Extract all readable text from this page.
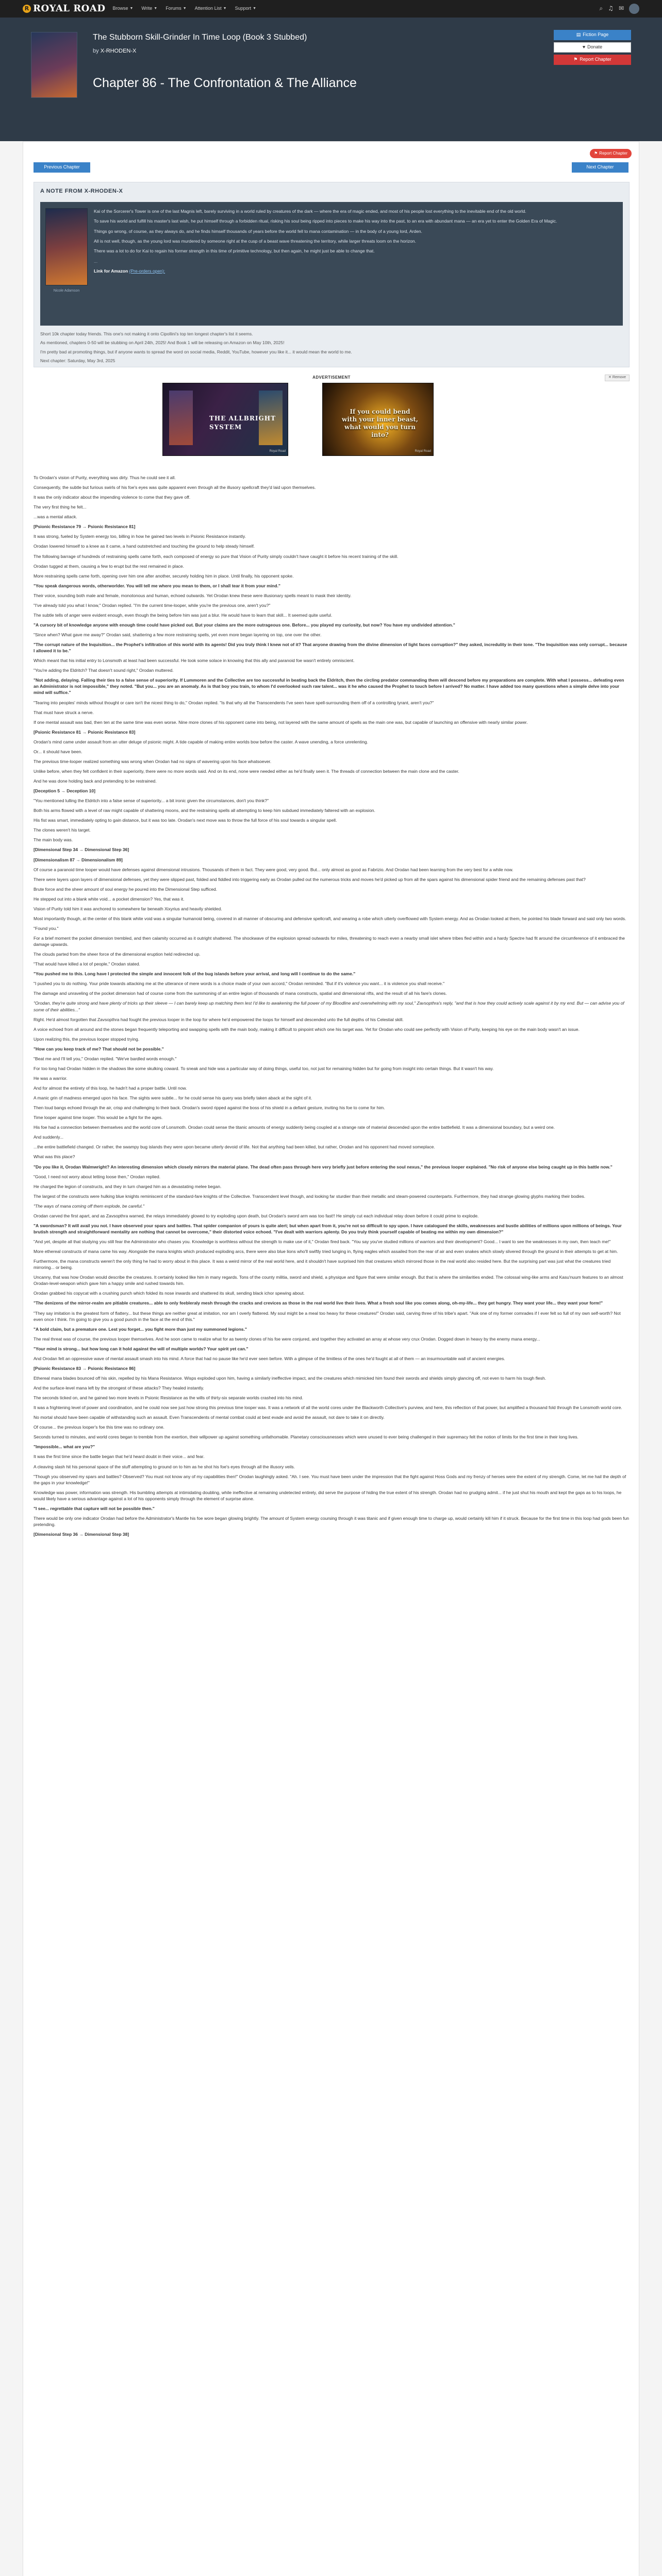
R ROYAL ROAD Browse ▼ Write ▼ Forums ▼ Attention List ▼ Support ▼	⌕ ♫ ✉
The Stubborn Skill-Grinder In Time Loop (Book 3 Stubbed)
by X-RHODEN-X
Chapter 86 - The Confrontation & The Alliance
▤ Fiction Page
♥ Donate
⚑ Report Chapter
⚑ Report Chapter
Previous Chapter	Next Chapter
A NOTE FROM X-RHODEN-X
Nicole Adamson

Kai of the Sorcerer's Tower is one of the last Magnis left, barely surviving in a world ruled by creatures of the dark — where the era of magic ended, and most of his people lost everything to the inevitable end of the old world.

To save his world and fulfill his master's last wish, he put himself through a forbidden ritual, risking his soul being ripped into pieces to make his way into the past, to an era with abundant mana — an era yet to enter the Golden Era of Magic.

Things go wrong, of course, as they always do, and he finds himself thousands of years before the world fell to mana contamination — in the body of a young lord, Arden.

All is not well, though, as the young lord was murdered by someone right at the cusp of a beast wave threatening the territory, while larger threats loom on the horizon.

There was a lot to do for Kai to regain his former strength in this time of primitive technology, but then again, he might just be able to change that.

...

Link for Amazon (Pre-orders open):

Short 10k chapter today friends. This one's not making it onto Cipollini's top ten longest chapter's list it seems.

As mentioned, chapters 0-50 will be stubbing on April 24th, 2025! And Book 1 will be releasing on Amazon on May 10th, 2025!

I'm pretty bad at promoting things, but if anyone wants to spread the word on social media, Reddit, YouTube, however you like it... it would mean the world to me.

Next chapter: Saturday, May 3rd, 2025

ADVERTISEMENT	✕ Remove
THE ALLBRIGHT SYSTEM
Royal Road
If you could bend with your inner beast, what would you turn into?
Royal Road

To Orodan's vision of Purity, everything was dirty. Thus he could see it all.

Consequently, the subtle but furious swirls of his foe's eyes was quite apparent even through all the illusory spellcraft they'd laid upon themselves.

It was the only indicator about the impending violence to come that they gave off.

The very first thing he felt...

...was a mental attack.

[Psionic Resistance 79 → Psionic Resistance 81]

It was strong, fueled by System energy too, billing in how he gained two levels in Psionic Resistance instantly.

Orodan lowered himself to a knee as it came, a hand outstretched and touching the ground to help steady himself.

The following barrage of hundreds of restraining spells came forth, each composed of energy so pure that Vision of Purity simply couldn't have caught it before his recent training of the skill.

Orodan tugged at them, causing a few to erupt but the rest remained in place.

More restraining spells came forth, opening over him one after another, securely holding him in place. Until finally, his opponent spoke.

"You speak dangerous words, otherworlder. You will tell me where you mean to them, or I shall tear it from your mind."

Their voice, sounding both male and female, monotonous and human, echoed outwards. Yet Orodan knew these were illusionary spells meant to mask their identity.

"I've already told you what I know," Orodan replied. "I'm the current time-looper, while you're the previous one, aren't you?"

The subtle tells of anger were evident enough, even though the being before him was just a blur. He would have to learn that skill... It seemed quite useful.

"A cursory bit of knowledge anyone with enough time could have picked out. But your claims are the more outrageous one. Before... you played my curiosity, but now? You have my undivided attention."

"Since when? What gave me away?" Orodan said, shattering a few more restraining spells, yet even more began layering on top, one over the other.

"The corrupt nature of the Inquisition... the Prophet's infiltration of this world with its agents! Did you truly think I knew not of it? That anyone drawing from the divine dimension of light faces corruption?" they asked, incredulity in their tone. "The Inquisition was only corrupt... because I allowed it to be."

Which meant that his initial entry to Lonsmoth at least had been successful. He took some solace in knowing that this ally and paranoid foe wasn't entirely omniscient.

"You're adding the Eldritch? That doesn't sound right," Orodan muttered.

"Not adding, delaying. Falling their ties to a false sense of superiority. If Lummoren and the Collective are too successful in beating back the Eldritch, then the circling predator commanding them will descend before my preparations are complete. With what I possess... defeating even an Administrator is not impossible," they noted. "But you... you are an anomaly. As is that boy you train, to whom I'd overlooked such raw talent... was it he who caused the Prophet to touch before I arrived? No matter. I have added too many questions when a simple delve into your mind will suffice."

"Tearing into peoples' minds without thought or care isn't the nicest thing to do," Orodan replied. "Is that why all the Transcendents I've seen have spell-surrounding them off of a controlling tyrant, aren't you?"

That must have struck a nerve.

If one mental assault was bad, then ten at the same time was even worse. Nine more clones of his opponent came into being, not layered with the same amount of spells as the main one was, but capable of launching an offensive with nearly similar power.

[Psionic Resistance 81 → Psionic Resistance 83]

Orodan's mind came under assault from an utter deluge of psionic might. A tide capable of making entire worlds bow before the caster. A wave unending, a force unrelenting.

Or... it should have been.

The previous time-looper realized something was wrong when Orodan had no signs of wavering upon his face whatsoever.

Unlike before, when they felt confident in their superiority, there were no more words said. And on its end, none were needed either as he'd finally seen it. The threads of connection between the main clone and the caster.

And he was done holding back and pretending to be restrained.

[Deception 5 → Deception 10]

"You mentioned lulling the Eldritch into a false sense of superiority... a bit ironic given the circumstances, don't you think?"

Both his arms flowed with a level of raw might capable of shattering moons, and the restraining spells all attempting to keep him subdued immediately faltered with an explosion.

His fist was smart, immediately opting to gain distance, but it was too late. Orodan's next move was to throw the full force of his soul towards a singular spell.

The clones weren't his target.

The main body was.

[Dimensional Step 34 → Dimensional Step 36]

[Dimensionalism 87 → Dimensionalism 89]

Of course a paranoid time looper would have defenses against dimensional intrusions. Thousands of them in fact. They were good, very good. But... only almost as good as Fabrizio. And Orodan had been learning from the very best for a while now.

There were layers upon layers of dimensional defenses, yet they were slipped past, folded and fiddled into triggering early as Orodan pulled out the numerous tricks and moves he'd picked up from all the spars against his dimensional spider friend and the remaining defenses past that?

Brute force and the sheer amount of soul energy he poured into the Dimensional Step sufficed.

He stepped out into a blank white void... a pocket dimension? Yes, that was it.

Vision of Purity told him it was anchored to somewhere far beneath Xixyrius and heavily shielded.

Most importantly though, at the center of this blank white void was a singular humanoid being, covered in all manner of obscuring and defensive spellcraft, and wearing a robe which utterly overflowed with System energy. And as Orodan looked at them, he pointed his blade forward and said only two words.

"Found you."

For a brief moment the pocket dimension trembled, and then calamity occurred as it outright shattered. The shockwave of the explosion spread outwards for miles, threatening to reach even a nearby small islet where tribes fled within and a hardy Spectre had fit around the circumference of it embraced the damage upwards.

The clouds parted from the sheer force of the dimensional eruption held redirected up.

"That would have killed a lot of people," Orodan stated.

"You pushed me to this. Long have I protected the simple and innocent folk of the bug islands before your arrival, and long will I continue to do the same."

"I pushed you to do nothing. Your pride towards attacking me at the utterance of mere words is a choice made of your own accord," Orodan reminded. "But if it's violence you want... it is violence you shall receive."

The damage and unraveling of the pocket dimension had of course come from the summoning of an entire legion of thousands of mana constructs, spatial and dimensional rifts, and the result of all his fare's clones.

"Orodan, they're quite strong and have plenty of tricks up their sleeve — I can barely keep up matching them lest I'd like to awakening the full power of my Bloodline and overwhelming with my soul," Zavsopthra's reply, "and that is how they could actively scale against it by my end. But — can advise you of some of their abilities..."

Right. He'd almost forgotten that Zavsopthra had fought the previous looper in the loop for where he'd empowered the loops for himself and descended unto the full depths of his Celestial skill.

A voice echoed from all around and the stones began frequently teleporting and swapping spells with the main body, making it difficult to pinpoint which one his target was. Yet for Orodan who could see perfectly with Vision of Purity, keeping his eye on the main body wasn't an issue.

Upon realizing this, the previous looper stopped trying.

"How can you keep track of me? That should not be possible."

"Beat me and I'll tell you," Orodan replied. "We've bardled words enough."

For too long had Orodan hidden in the shadows like some skulking coward. To sneak and hide was a particular way of doing things, useful too, not just for remaining hidden but for going from insight into certain things. But it wasn't his way.

He was a warrior.

And for almost the entirety of this loop, he hadn't had a proper battle. Until now.

A manic grin of madness emerged upon his face. The sights were subtle... for he could sense his query was briefly taken aback at the sight of it.

Then loud bangs echoed through the air, crisp and challenging to their back. Orodan's sword ripped against the boss of his shield in a defiant gesture, inviting his foe to come for him.

Time looper against time looper. This would be a fight for the ages.

His foe had a connection between themselves and the world core of Lonsmoth. Orodan could sense the titanic amounts of energy suddenly being coupled at a strange rate of material descended upon the entire battlefield. It was a dimensional boundary, but a weird one.

And suddenly...

...the entire battlefield changed. Or rather, the swampy bug islands they were upon became utterly devoid of life. Not that anything had been killed, but rather, Orodan and his opponent had moved someplace.

What was this place?

"Do you like it, Orodan Walmwright? An interesting dimension which closely mirrors the material plane. The dead often pass through here very briefly just before entering the soul nexus," the previous looper explained. "No risk of anyone else being caught up in this battle now."

"Good, I need not worry about letting loose then," Orodan replied.

He charged the legion of constructs, and they in turn charged him as a devastating melee began.

The largest of the constructs were hulking blue knights reminiscent of the standard-fare knights of the Collective. Transcendent level though, and looking far sturdier than their metallic and steam-powered counterparts. Furthermore, they had strange glowing glyphs marking their bodies.

"The ways of mana coming off them explode, be careful."

Orodan carved the first apart, and as Zavsopthra warned, the relays immediately glowed to try exploding upon death, but Orodan's sword arm was too fast!! He simply cut each individual relay down before it could prime to explode.

"A swordsman? It will avail you not. I have observed your spars and battles. That spider companion of yours is quite alert; but when apart from it, you're not so difficult to spy upon. I have catalogued the skills, weaknesses and bustle abilities of millions upon millions of beings. Your brutish strength and straightforward mentality are nothing that cannot be overcome," their distorted voice echoed. "I've dealt with warriors aplenty. Do you truly think yourself capable of beating me within my own dimension?"

"And yet, despite all that studying you still fear the Administrator who chases you. Knowledge is worthless without the strength to make use of it," Orodan fired back. "You say you've studied millions of warriors and their development? Good... I want to see the weaknesses in my own, then teach me!"

More ethereal constructs of mana came his way. Alongside the mana knights which produced exploding arcs, there were also blue lions who'll swiftly tried lunging in, flying eagles which assailed from the rear of air and even snakes which slowly slivered through the ground in their attempts to get at him.

Furthermore, the mana constructs weren't the only thing he had to worry about in this place. It was a weird mirror of the real world here, and it shouldn't have surprised him that creatures which mirrored those in the real world also resided here. But the surprising part was just what the creatures tried mirroring... or being.

Uncanny, that was how Orodan would describe the creatures. It certainly looked like him in many regards. Tons of the county militia, sword and shield, a physique and figure that were similar enough. But that is where the similarities ended. The colossal wing-like arms and Kasu'nuum features to an almost Orodan-level-weapon which gave him a happy smile and rushed towards him.

Orodan grabbed his copycat with a crushing punch which folded its nose inwards and shattered its skull, sending black ichor spewing about.

"The denizens of the mirror-realm are pitiable creatures... able to only feebleraly mesh through the cracks and crevices as those in the real world live their lives. What a fresh soul like you comes along, oh-my-life... they get hungry. They want your life... they want your form!"

"They say imitation is the greatest form of flattery... but these things are neither great at imitation, nor am I overly flattered. My soul might be a meal too heavy for these creatures!" Orodan said, carving three of his tribe's apart. "Ask one of my former comrades if I ever felt so full of my own self-worth? Not even once I think. I'm going to give you a good punch in the face at the end of this."

"A bold claim, but a premature one. Lest you forget... you fight more than just my summoned legions."

The real threat was of course, the previous looper themselves. And he soon came to realize what for as twenty clones of his foe were conjured, and together they activated an array at whose very crux Orodan. Dogged down in heavy by the enemy mana energy...

"Your mind is strong... but how long can it hold against the will of multiple worlds? Your spirit yet can."

And Orodan felt an oppressive wave of mental assault smash into his mind. A force that had no pause like he'd ever seen before. With a glimpse of the limitless of the ones he'd fought at all of them — an insurmountable wall of ancient energies.

[Psionic Resistance 83 → Psionic Resistance 86]

Ethereal mana blades bounced off his skin, repelled by his Mana Resistance. Wisps exploded upon him, having a similarly ineffective impact, and the creatures which mimicked him found their swords and shields simply glancing off, not even to harm his tough flesh.

And the surface-level mana left by the strongest of these attacks? They healed instantly.

The seconds ticked on, and he gained two more levels in Psionic Resistance as the wills of thirty-six separate worlds crashed into his mind.

It was a frightening level of power and coordination, and he could now see just how strong this previous time looper was. It was a network of all the world cores under the Blackworth Collective's purview, and here, this reflection of that power, but amplified a thousand fold through the Lonsmoth world core.

No mortal should have been capable of withstanding such an assault. Even Transcendents of mental combat could at best evade and avoid the assault, not dare to take it on directly.

Of course... the previous looper's foe this time was no ordinary one.

Seconds turned to minutes, and world cores began to tremble from the exertion, their willpower up against something unfathomable. Planetary consciousnesses which were unused to ever being challenged in their supremacy felt the notion of limits for the first time in their long lives.

"Impossible... what are you?"

It was the first time since the battle began that he'd heard doubt in their voice... and fear.

A cleaving slash hit his personal space of the stuff attempting to ground on to him as he shot his foe's eyes through all the illusory veils.

"Though you observed my spars and battles? Observed? You must not know any of my capabilities then!" Orodan laughingly asked. "Ah. I see. You must have been under the impression that the fight against Hoss Gods and my frenzy of heroes were the extent of my strength. Come, let me hail the depth of the gaps in your knowledge!"

Knowledge was power, information was strength. His bumbling attempts at intimidating doubling, while ineffective at remaining undetected entirely, did serve the purpose of hiding the true extent of his strength. Orodan had no grudging admit... if he just shut his mouth and kept the gaps as to his loops, he would likely have a serious advantage against a lot of his opponents simply through the element of surprise alone.

"I see... regrettable that capture will not be possible then."

There would be only one indicator Orodan had before the Administrator's Mantle his foe wore began glowing brightly. The amount of System energy coursing through it was titanic and if given enough time to charge up, would certainly kill him if it struck. Because for the first time in this loop had gods been fun pretending.

[Dimensional Step 36 → Dimensional Step 38]
